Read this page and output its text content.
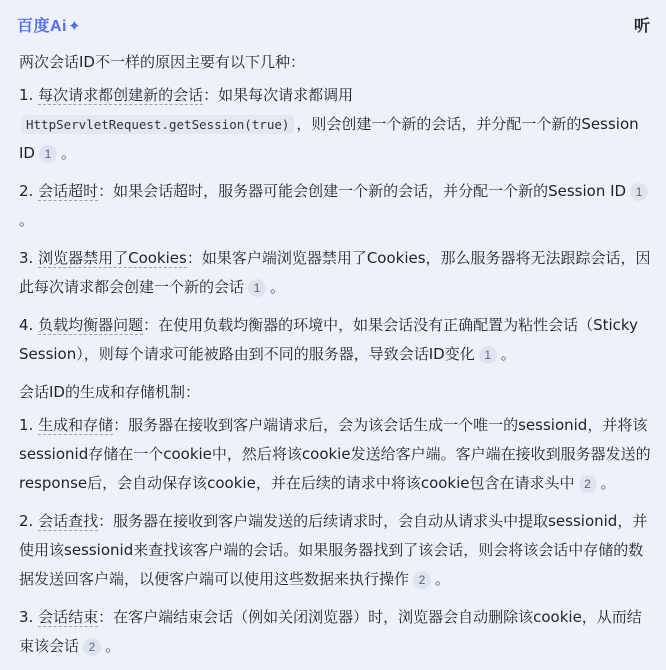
百度Ai✦	听
两次会话ID不一样的原因主要有以下几种：
1. 每次请求都创建新的会话：如果每次请求都调用
HttpServletRequest.getSession(true) ，则会创建一个新的会话，并分配一个新的Session ID 1 。
2. 会话超时：如果会话超时，服务器可能会创建一个新的会话，并分配一个新的Session ID 1。
3. 浏览器禁用了Cookies：如果客户端浏览器禁用了Cookies，那么服务器将无法跟踪会话，因此每次请求都会创建一个新的会话 1 。
4. 负载均衡器问题：在使用负载均衡器的环境中，如果会话没有正确配置为粘性会话（Sticky Session），则每个请求可能被路由到不同的服务器，导致会话ID变化 1 。
会话ID的生成和存储机制：
1. 生成和存储：服务器在接收到客户端请求后，会为该会话生成一个唯一的sessionid，并将该sessionid存储在一个cookie中，然后将该cookie发送给客户端。客户端在接收到服务器发送的response后，会自动保存该cookie，并在后续的请求中将该cookie包含在请求头中 2 。
2. 会话查找：服务器在接收到客户端发送的后续请求时，会自动从请求头中提取sessionid，并使用该sessionid来查找该客户端的会话。如果服务器找到了该会话，则会将该会话中存储的数据发送回客户端，以便客户端可以使用这些数据来执行操作 2 。
3. 会话结束：在客户端结束会话（例如关闭浏览器）时，浏览器会自动删除该cookie，从而结束该会话 2 。
